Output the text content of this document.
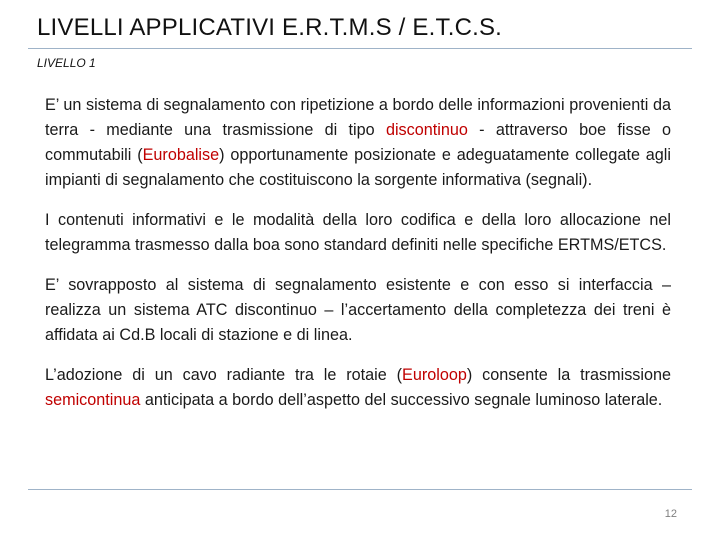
LIVELLI APPLICATIVI E.R.T.M.S / E.T.C.S.
LIVELLO 1

E’ un sistema di segnalamento con ripetizione a bordo delle informazioni provenienti da terra - mediante una trasmissione di tipo discontinuo - attraverso boe fisse o commutabili (Eurobalise) opportunamente posizionate e adeguatamente collegate agli impianti di segnalamento che costituiscono la sorgente informativa (segnali).

I contenuti informativi e le modalità della loro codifica e della loro allocazione nel telegramma trasmesso dalla boa sono standard definiti nelle specifiche ERTMS/ETCS.

E’ sovrapposto al sistema di segnalamento esistente e con esso si interfaccia – realizza un sistema ATC discontinuo – l’accertamento della completezza dei treni è affidata ai Cd.B locali di stazione e di linea.

L’adozione di un cavo radiante tra le rotaie (Euroloop) consente la trasmissione semicontinua anticipata a bordo dell’aspetto del successivo segnale luminoso laterale.

12
